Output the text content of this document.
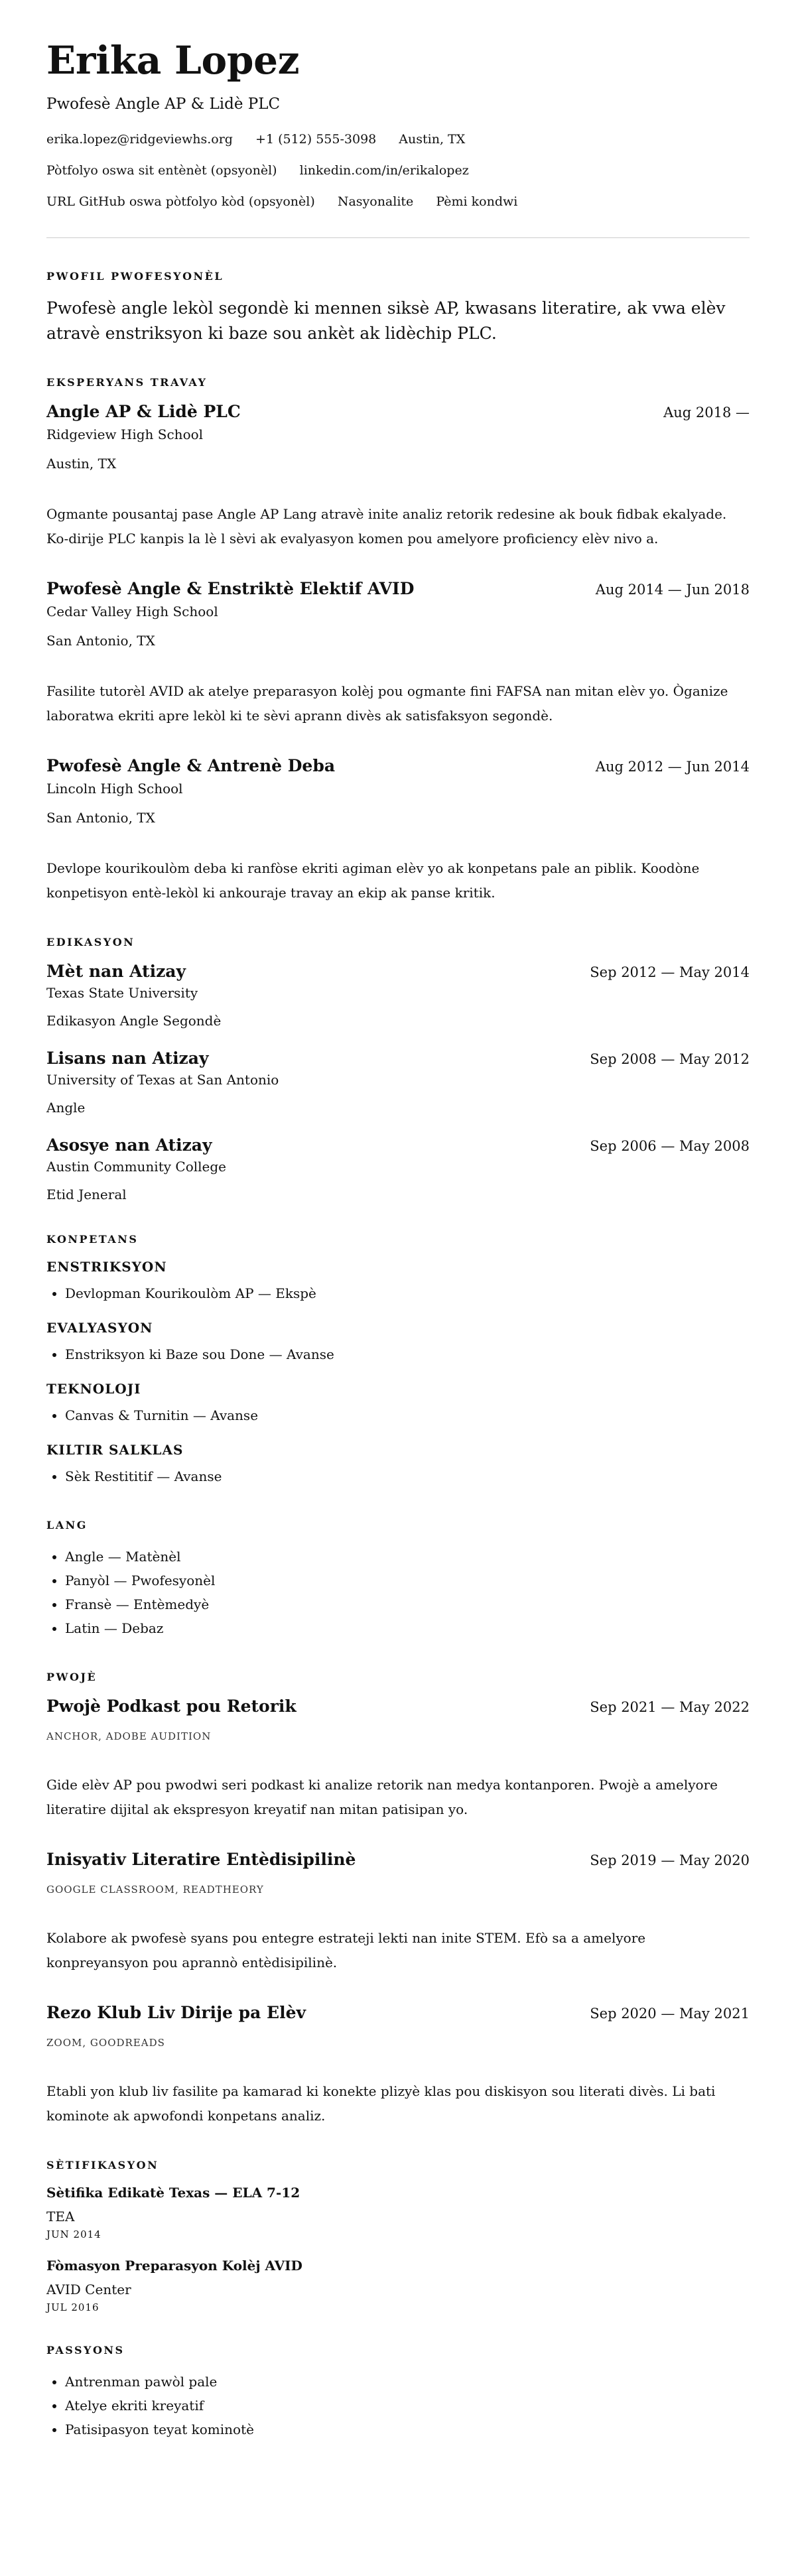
Erika Lopez
Pwofesè Angle AP & Lidè PLC
erika.lopez@ridgeviewhs.org +1 (512) 555-3098 Austin, TX
Pòtfolyo oswa sit entènèt (opsyonèl) linkedin.com/in/erikalopez
URL GitHub oswa pòtfolyo kòd (opsyonèl) Nasyonalite Pèmi kondwi
PWOFIL PWOFESYONÈL

Pwofesè angle lekòl segondè ki mennen siksè AP, kwasans literatire, ak vwa elèv atravè enstriksyon ki baze sou ankèt ak lidèchip PLC.

EKSPERYANS TRAVAY
Angle AP & Lidè PLC	Aug 2018 —
Ridgeview High School
Austin, TX
Ogmante pousantaj pase Angle AP Lang atravè inite analiz retorik redesine ak bouk fidbak ekalyade. Ko-dirije PLC kanpis la lè l sèvi ak evalyasyon komen pou amelyore proficiency elèv nivo a.
Pwofesè Angle & Enstriktè Elektif AVID	Aug 2014 — Jun 2018
Cedar Valley High School
San Antonio, TX
Fasilite tutorèl AVID ak atelye preparasyon kolèj pou ogmante fini FAFSA nan mitan elèv yo. Òganize laboratwa ekriti apre lekòl ki te sèvi aprann divès ak satisfaksyon segondè.
Pwofesè Angle & Antrenè Deba	Aug 2012 — Jun 2014
Lincoln High School
San Antonio, TX
Devlope kourikoulòm deba ki ranfòse ekriti agiman elèv yo ak konpetans pale an piblik. Koodòne konpetisyon entè-lekòl ki ankouraje travay an ekip ak panse kritik.
EDIKASYON
Mèt nan Atizay	Sep 2012 — May 2014
Texas State University
Edikasyon Angle Segondè
Lisans nan Atizay	Sep 2008 — May 2012
University of Texas at San Antonio
Angle
Asosye nan Atizay	Sep 2006 — May 2008
Austin Community College
Etid Jeneral
KONPETANS
ENSTRIKSYON
• Devlopman Kourikoulòm AP — Ekspè
EVALYASYON
• Enstriksyon ki Baze sou Done — Avanse
TEKNOLOJI
• Canvas & Turnitin — Avanse
KILTIR SALKLAS
• Sèk Restititif — Avanse
LANG
• Angle — Matènèl
• Panyòl — Pwofesyonèl
• Fransè — Entèmedyè
• Latin — Debaz
PWOJÈ
Pwojè Podkast pou Retorik	Sep 2021 — May 2022
ANCHOR, ADOBE AUDITION
Gide elèv AP pou pwodwi seri podkast ki analize retorik nan medya kontanporen. Pwojè a amelyore literatire dijital ak ekspresyon kreyatif nan mitan patisipan yo.
Inisyativ Literatire Entèdisipilinè	Sep 2019 — May 2020
GOOGLE CLASSROOM, READTHEORY
Kolabore ak pwofesè syans pou entegre estrateji lekti nan inite STEM. Efò sa a amelyore konpreyansyon pou aprannò entèdisipilinè.
Rezo Klub Liv Dirije pa Elèv	Sep 2020 — May 2021
ZOOM, GOODREADS
Etabli yon klub liv fasilite pa kamarad ki konekte plizyè klas pou diskisyon sou literati divès. Li bati kominote ak apwofondi konpetans analiz.
SÈTIFIKASYON
Sètifika Edikatè Texas — ELA 7-12
TEA
JUN 2014
Fòmasyon Preparasyon Kolèj AVID
AVID Center
JUL 2016
PASSYONS
• Antrenman pawòl pale
• Atelye ekriti kreyatif
• Patisipasyon teyat kominotè
